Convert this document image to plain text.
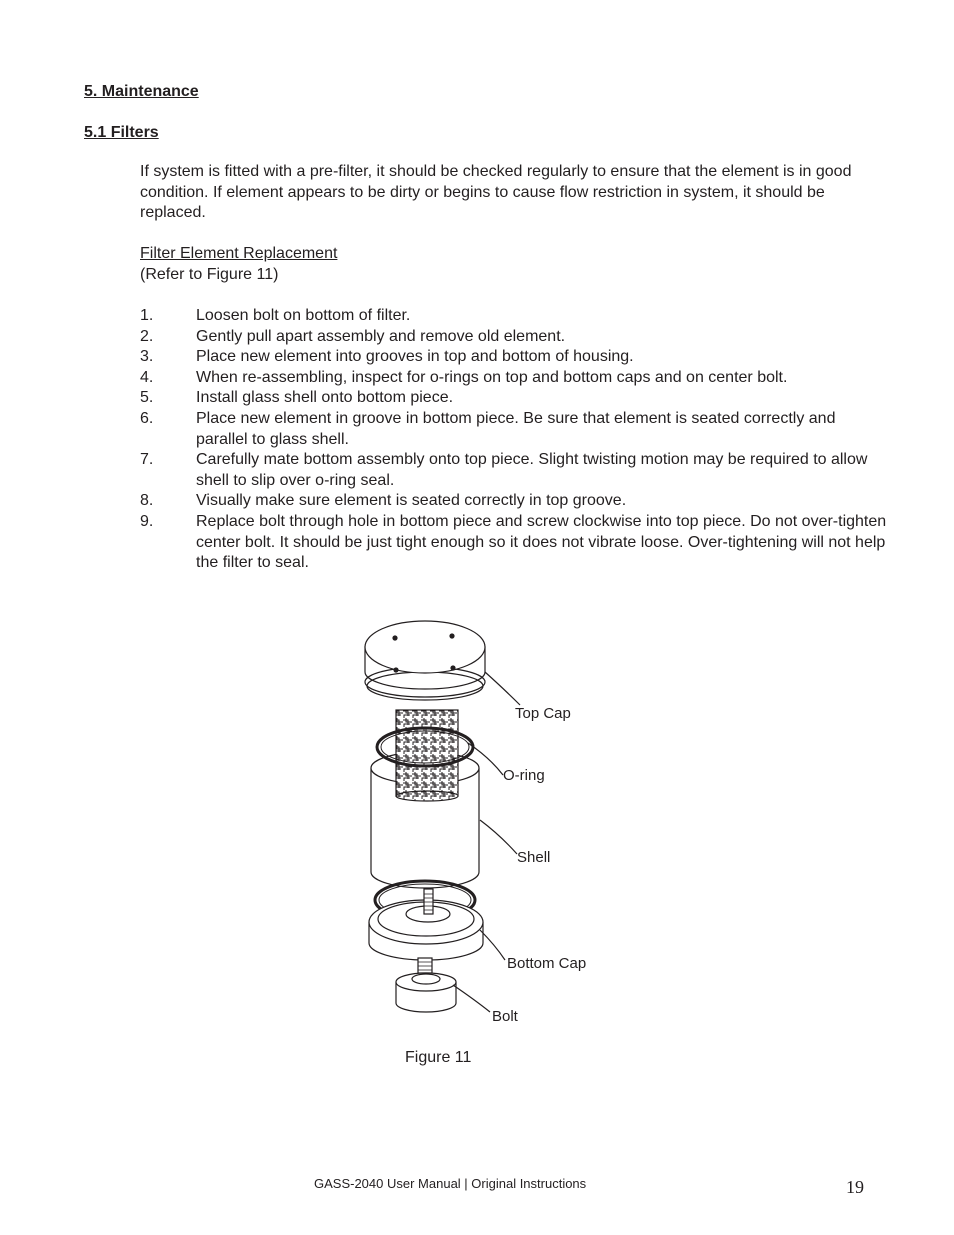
5. Maintenance
5.1 Filters
If system is fitted with a pre-filter, it should be checked regularly to ensure that the element is in good condition. If element appears to be dirty or begins to cause flow restriction in system, it should be replaced.
Filter Element Replacement
(Refer to Figure 11)
1.	Loosen bolt on bottom of filter.
2.	Gently pull apart assembly and remove old element.
3.	Place new element into grooves in top and bottom of housing.
4.	When re-assembling, inspect for o-rings on top and bottom caps and on center bolt.
5.	Install glass shell onto bottom piece.
6.	Place new element in groove in bottom piece. Be sure that element is seated correctly and parallel to glass shell.
7.	Carefully mate bottom assembly onto top piece. Slight twisting motion may be required to allow shell to slip over o-ring seal.
8.	Visually make sure element is seated correctly in top groove.
9.	Replace bolt through hole in bottom piece and screw clockwise into top piece. Do not over-tighten center bolt. It should be just tight enough so it does not vibrate loose. Over-tightening will not help the filter to seal.
Top Cap
O-ring
Shell
Bottom Cap
Bolt
Figure 11
GASS-2040 User Manual | Original Instructions	19
